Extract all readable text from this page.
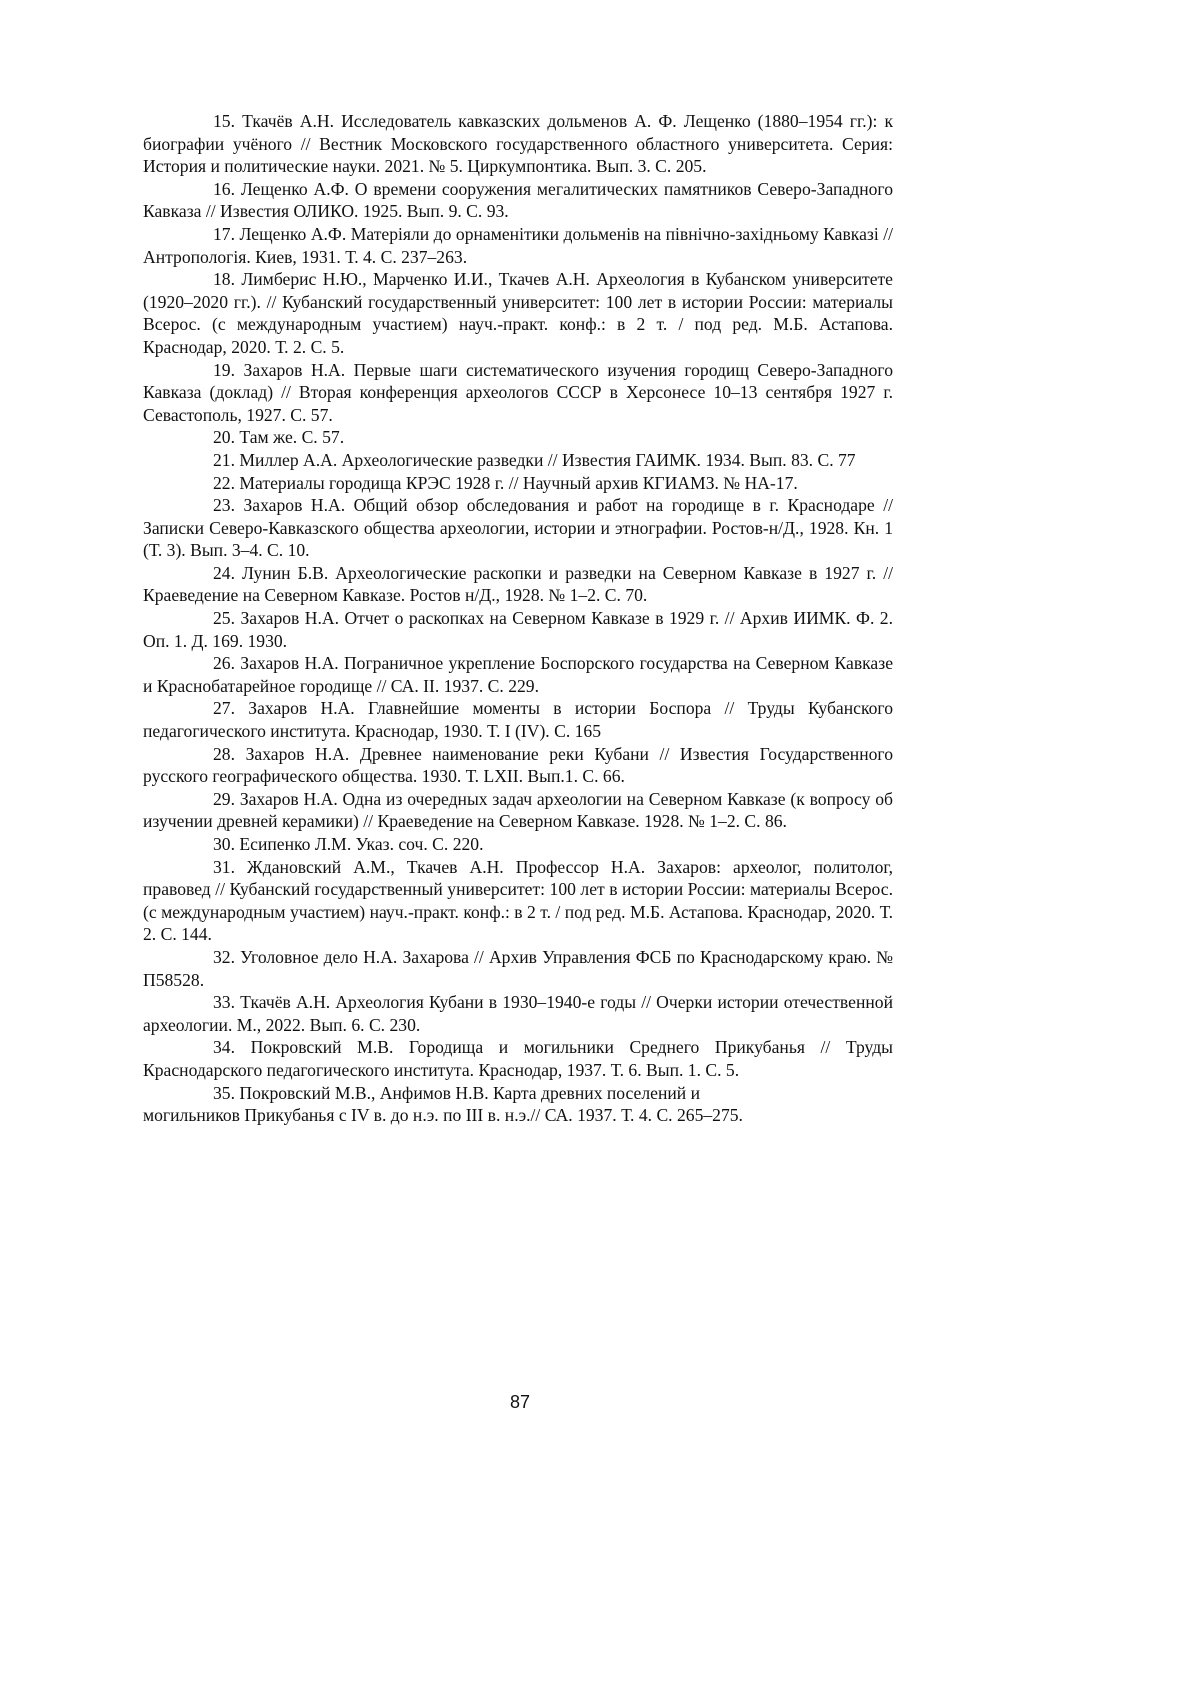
15. Ткачёв А.Н. Исследователь кавказских дольменов А. Ф. Лещенко (1880–1954 гг.): к биографии учёного // Вестник Московского государственного областного университета. Серия: История и политические науки. 2021. № 5. Циркумпонтика. Вып. 3. С. 205.

16. Лещенко А.Ф. О времени сооружения мегалитических памятников Северо-Западного Кавказа // Известия ОЛИКО. 1925. Вып. 9. С. 93.

17. Лещенко А.Ф. Матеріяли до орнаменітики дольменів на північно-західньому Кавказі // Антропологія. Киев, 1931. Т. 4. С. 237–263.

18. Лимберис Н.Ю., Марченко И.И., Ткачев А.Н. Археология в Кубанском университете (1920–2020 гг.). // Кубанский государственный университет: 100 лет в истории России: материалы Всерос. (с международным участием) науч.-практ. конф.: в 2 т. / под ред. М.Б. Астапова. Краснодар, 2020. Т. 2. С. 5.

19. Захаров Н.А. Первые шаги систематического изучения городищ Северо-Западного Кавказа (доклад) // Вторая конференция археологов СССР в Херсонесе 10–13 сентября 1927 г. Севастополь, 1927. С. 57.

20. Там же. С. 57.

21. Миллер А.А. Археологические разведки // Известия ГАИМК. 1934. Вып. 83. С. 77

22. Материалы городища КРЭС 1928 г. // Научный архив КГИАМЗ. № НА-17.

23. Захаров Н.А. Общий обзор обследования и работ на городище в г. Краснодаре // Записки Северо-Кавказского общества археологии, истории и этнографии. Ростов-н/Д., 1928. Кн. 1 (Т. 3). Вып. 3–4. С. 10.

24. Лунин Б.В. Археологические раскопки и разведки на Северном Кавказе в 1927 г. // Краеведение на Северном Кавказе. Ростов н/Д., 1928. № 1–2. С. 70.

25. Захаров Н.А. Отчет о раскопках на Северном Кавказе в 1929 г. // Архив ИИМК. Ф. 2. Оп. 1. Д. 169. 1930.

26. Захаров Н.А. Пограничное укрепление Боспорского государства на Северном Кавказе и Краснобатарейное городище // СА. II. 1937. С. 229.

27. Захаров Н.А. Главнейшие моменты в истории Боспора // Труды Кубанского педагогического института. Краснодар, 1930. Т. I (IV). С. 165

28. Захаров Н.А. Древнее наименование реки Кубани // Известия Государственного русского географического общества. 1930. Т. LXII. Вып.1. С. 66.

29. Захаров Н.А. Одна из очередных задач археологии на Северном Кавказе (к вопросу об изучении древней керамики) // Краеведение на Северном Кавказе. 1928. № 1–2. С. 86.

30. Есипенко Л.М. Указ. соч. С. 220.

31. Ждановский А.М., Ткачев А.Н. Профессор Н.А. Захаров: археолог, политолог, правовед // Кубанский государственный университет: 100 лет в истории России: материалы Всерос. (с международным участием) науч.-практ. конф.: в 2 т. / под ред. М.Б. Астапова. Краснодар, 2020. Т. 2. С. 144.

32. Уголовное дело Н.А. Захарова // Архив Управления ФСБ по Краснодарскому краю. № П58528.

33. Ткачёв А.Н. Археология Кубани в 1930–1940-е годы // Очерки истории отечественной археологии. М., 2022. Вып. 6. С. 230.

34. Покровский М.В. Городища и могильники Среднего Прикубанья // Труды Краснодарского педагогического института. Краснодар, 1937. Т. 6. Вып. 1. С. 5.

35. Покровский М.В., Анфимов Н.В. Карта древних поселений и
могильников Прикубанья с IV в. до н.э. по III в. н.э.// СА. 1937. Т. 4. С. 265–275.

87
